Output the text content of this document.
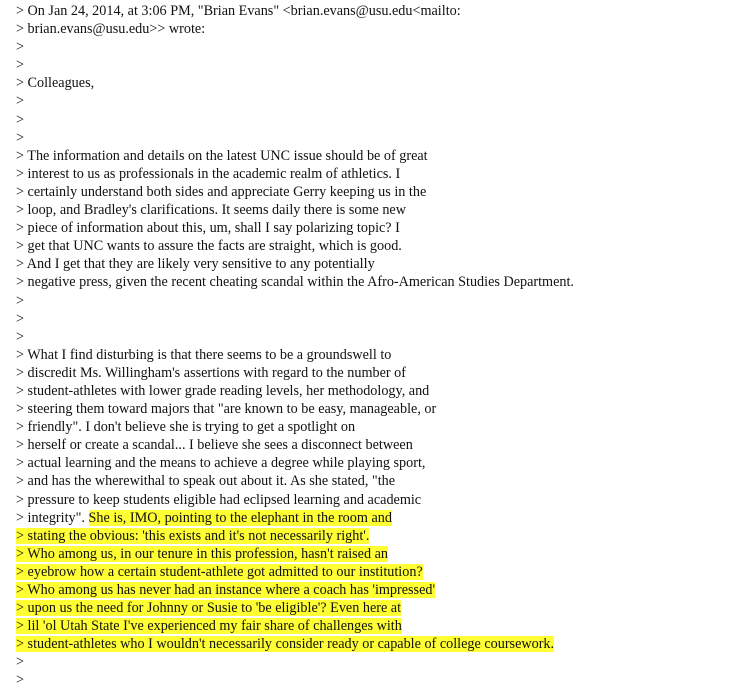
> On Jan 24, 2014, at 3:06 PM, "Brian Evans" <brian.evans@usu.edu<mailto:
> brian.evans@usu.edu>> wrote:
>
>
> Colleagues,
>
>
>
> The information and details on the latest UNC issue should be of great
> interest to us as professionals in the academic realm of athletics. I
> certainly understand both sides and appreciate Gerry keeping us in the
> loop, and Bradley's clarifications. It seems daily there is some new
> piece of information about this, um, shall I say polarizing topic? I
> get that UNC wants to assure the facts are straight, which is good.
> And I get that they are likely very sensitive to any potentially
> negative press, given the recent cheating scandal within the Afro-American Studies Department.
>
>
>
> What I find disturbing is that there seems to be a groundswell to
> discredit Ms. Willingham's assertions with regard to the number of
> student-athletes with lower grade reading levels, her methodology, and
> steering them toward majors that "are known to be easy, manageable, or
> friendly". I don't believe she is trying to get a spotlight on
> herself or create a scandal... I believe she sees a disconnect between
> actual learning and the means to achieve a degree while playing sport,
> and has the wherewithal to speak out about it. As she stated, "the
> pressure to keep students eligible had eclipsed learning and academic
> integrity". She is, IMO, pointing to the elephant in the room and
> stating the obvious: 'this exists and it's not necessarily right'.
> Who among us, in our tenure in this profession, hasn't raised an
> eyebrow how a certain student-athlete got admitted to our institution?
> Who among us has never had an instance where a coach has 'impressed'
> upon us the need for Johnny or Susie to 'be eligible'? Even here at
> lil 'ol Utah State I've experienced my fair share of challenges with
> student-athletes who I wouldn't necessarily consider ready or capable of college coursework.
>
>
